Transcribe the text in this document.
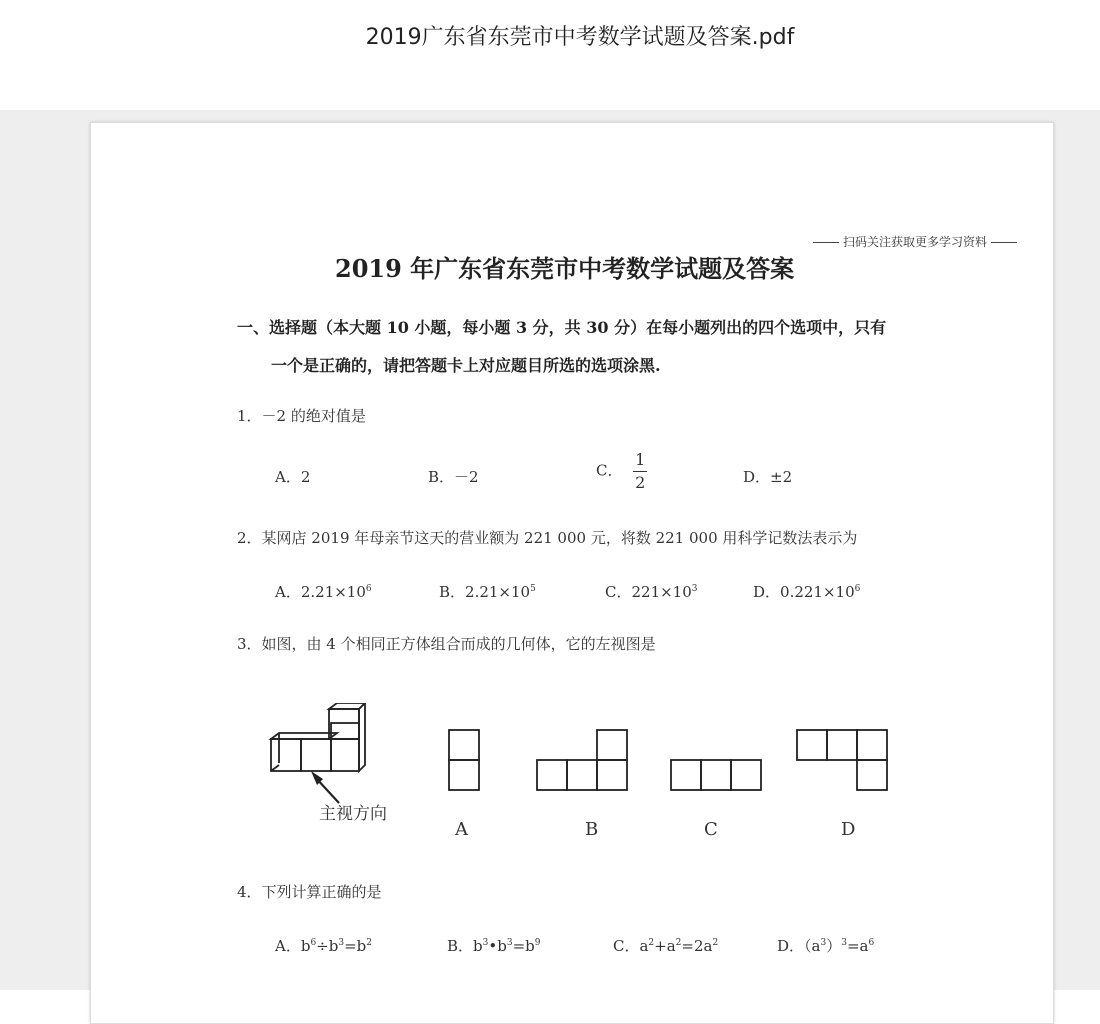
2019广东省东莞市中考数学试题及答案.pdf
扫码关注获取更多学习资料
2019 年广东省东莞市中考数学试题及答案
一、选择题（本大题 10 小题，每小题 3 分，共 30 分）在每小题列出的四个选项中，只有
一个是正确的，请把答题卡上对应题目所选的选项涂黑.
1．－2 的绝对值是
A．2	B．－2	C． $\frac{1}{2}$	D．±2
2．某网店 2019 年母亲节这天的营业额为 221 000 元，将数 221 000 用科学记数法表示为
A．$2.21\times 10^6$	B．$2.21\times 10^5$	C．$221\times 10^3$	D．$0.221\times 10^6$
3．如图，由 4 个相同正方体组合而成的几何体，它的左视图是
主视方向
A	B	C	D
4．下列计算正确的是
A．$b^6\div b^3=b^2$	B．$b^3•b^3=b^9$	C．$a^2+a^2=2a^2$	D．$(a^3)^3=a^6$
